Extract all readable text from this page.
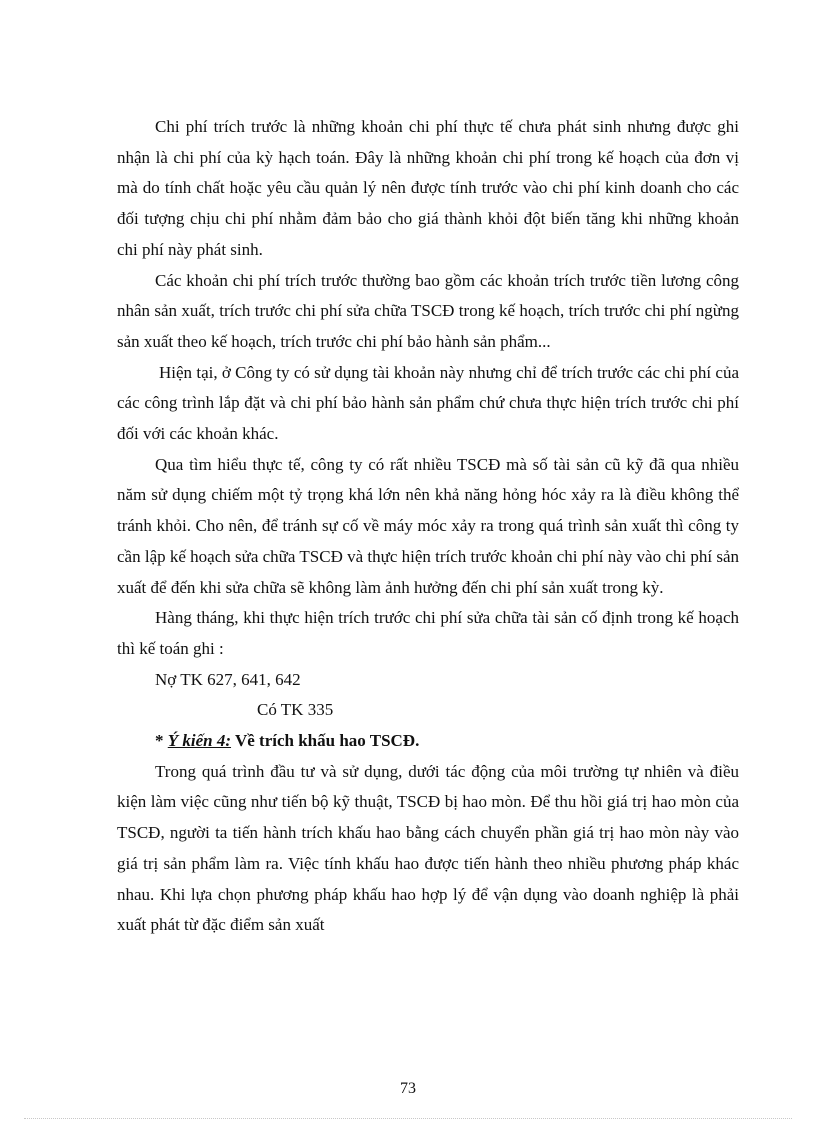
Chi phí trích trước là những khoản chi phí thực tế chưa phát sinh nhưng được ghi nhận là chi phí của kỳ hạch toán. Đây là những khoản chi phí trong kế hoạch của đơn vị mà do tính chất hoặc yêu cầu quản lý nên được tính trước vào chi phí kinh doanh cho các đối tượng chịu chi phí nhằm đảm bảo cho giá thành khỏi đột biến tăng khi những khoản chi phí này phát sinh.

Các khoản chi phí trích trước thường bao gồm các khoản trích trước tiền lương công nhân sản xuất, trích trước chi phí sửa chữa TSCĐ trong kế hoạch, trích trước chi phí ngừng sản xuất theo kế hoạch, trích trước chi phí bảo hành sản phẩm...

Hiện tại, ở Công ty có sử dụng tài khoản này nhưng chỉ để trích trước các chi phí của các công trình lắp đặt và chi phí bảo hành sản phẩm chứ chưa thực hiện trích trước chi phí đối với các khoản khác.

Qua tìm hiểu thực tế, công ty có rất nhiều TSCĐ mà số tài sản cũ kỹ đã qua nhiều năm sử dụng chiếm một tỷ trọng khá lớn nên khả năng hỏng hóc xảy ra là điều không thể tránh khỏi. Cho nên, để tránh sự cố về máy móc xảy ra trong quá trình sản xuất thì công ty cần lập kế hoạch sửa chữa TSCĐ và thực hiện trích trước khoản chi phí này vào chi phí sản xuất để đến khi sửa chữa sẽ không làm ảnh hưởng đến chi phí sản xuất trong kỳ.

Hàng tháng, khi thực hiện trích trước chi phí sửa chữa tài sản cố định trong kế hoạch thì kế toán ghi :

Nợ TK 627, 641, 642

Có TK 335

* Ý kiến 4: Về trích khấu hao TSCĐ.

Trong quá trình đầu tư và sử dụng, dưới tác động của môi trường tự nhiên và điều kiện làm việc cũng như tiến bộ kỹ thuật, TSCĐ bị hao mòn. Để thu hồi giá trị hao mòn của TSCĐ, người ta tiến hành trích khấu hao bằng cách chuyển phần giá trị hao mòn này vào giá trị sản phẩm làm ra. Việc tính khấu hao được tiến hành theo nhiều phương pháp khác nhau. Khi lựa chọn phương pháp khấu hao hợp lý để vận dụng vào doanh nghiệp là phải xuất phát từ đặc điểm sản xuất

73
